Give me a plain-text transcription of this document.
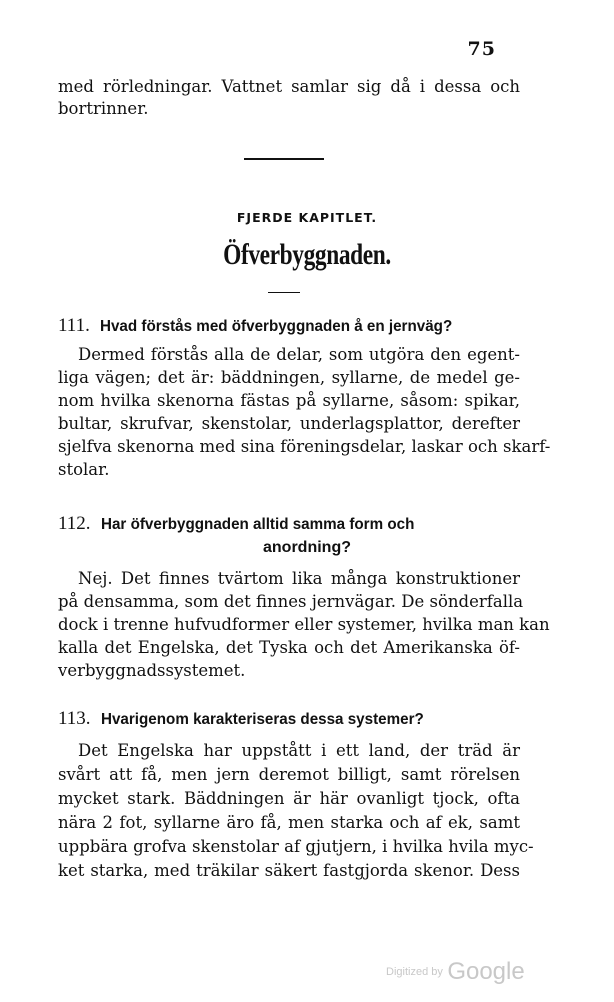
75
med rörledningar. Vattnet samlar sig då i dessa och
bortrinner.
FJERDE KAPITLET.
Öfverbyggnaden.
111. Hvad förstås med öfverbyggnaden å en jernväg?
Dermed förstås alla de delar, som utgöra den egent-
liga vägen; det är: bäddningen, syllarne, de medel ge-
nom hvilka skenorna fästas på syllarne, såsom: spikar,
bultar, skrufvar, skenstolar, underlagsplattor, derefter
sjelfva skenorna med sina föreningsdelar, laskar och skarf-
stolar.
112. Har öfverbyggnaden alltid samma form och
anordning?
Nej. Det finnes tvärtom lika många konstruktioner
på densamma, som det finnes jernvägar. De sönderfalla
dock i trenne hufvudformer eller systemer, hvilka man kan
kalla det Engelska, det Tyska och det Amerikanska öf-
verbyggnadssystemet.
113. Hvarigenom karakteriseras dessa systemer?
Det Engelska har uppstått i ett land, der träd är
svårt att få, men jern deremot billigt, samt rörelsen
mycket stark. Bäddningen är här ovanligt tjock, ofta
nära 2 fot, syllarne äro få, men starka och af ek, samt
uppbära grofva skenstolar af gjutjern, i hvilka hvila myc-
ket starka, med träkilar säkert fastgjorda skenor. Dess
Digitized by Google
